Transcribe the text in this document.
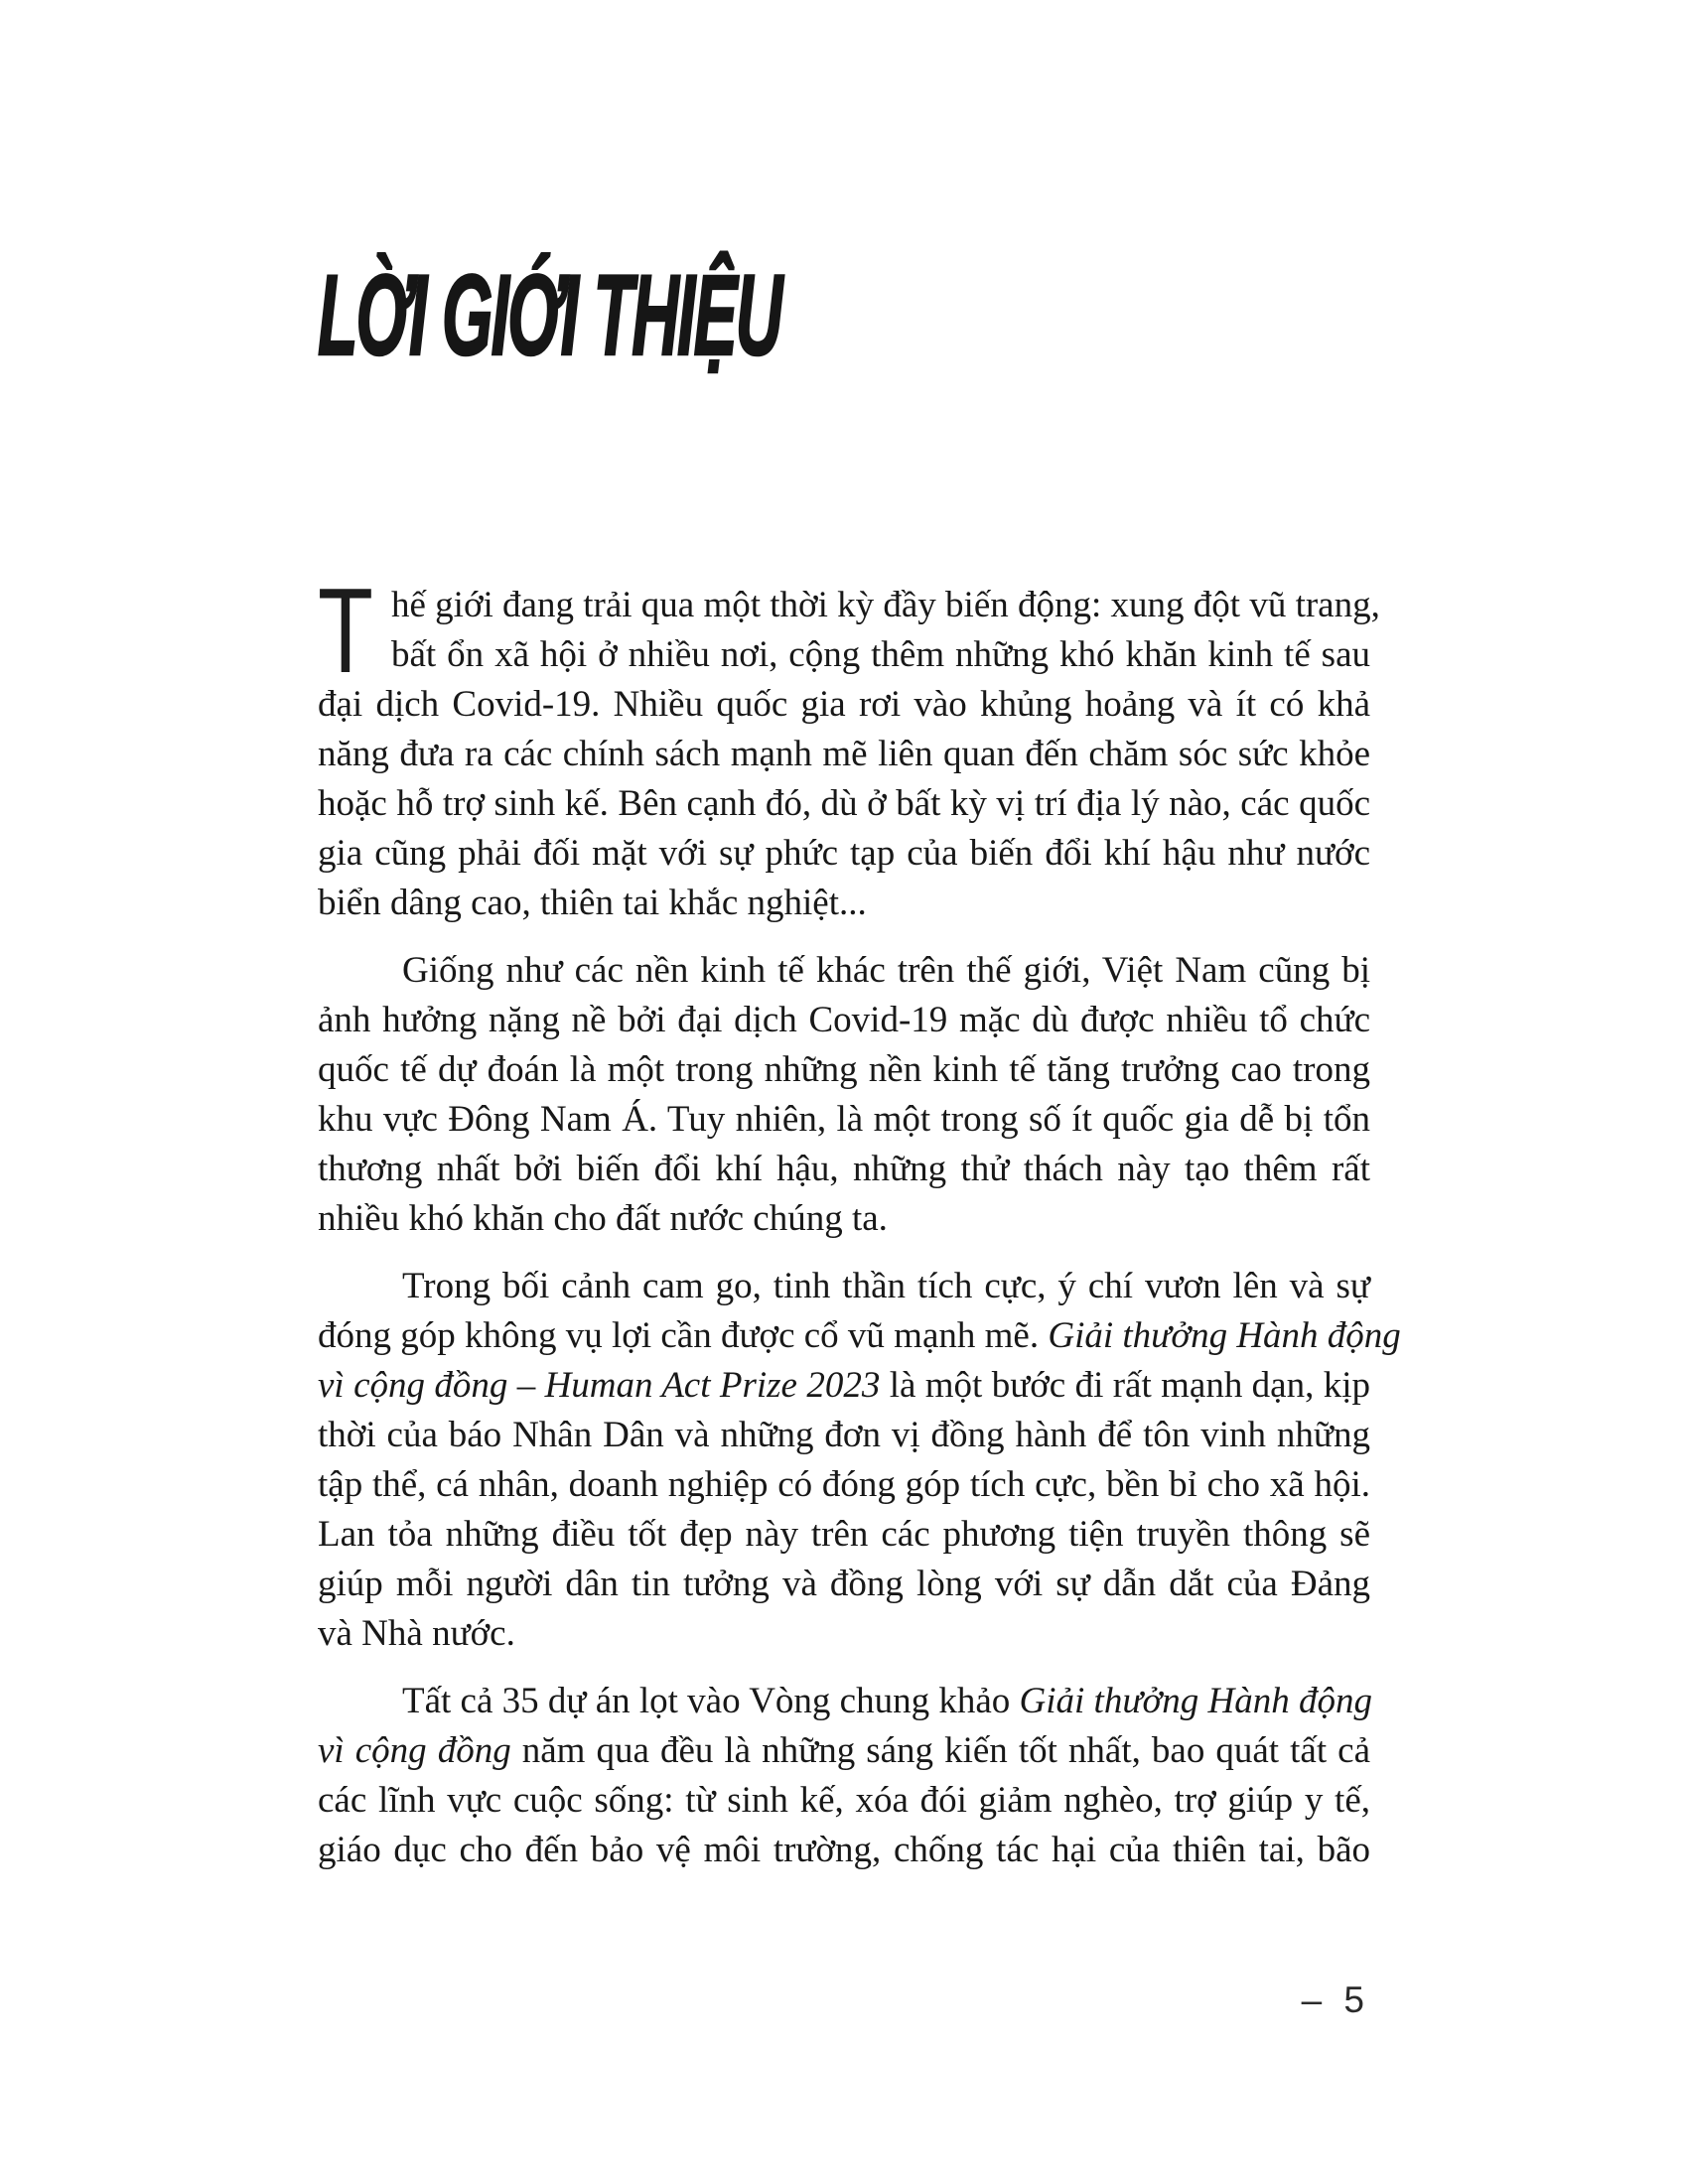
LỜI GIỚI THIỆU

T hế giới đang trải qua một thời kỳ đầy biến động: xung đột vũ trang,
bất ổn xã hội ở nhiều nơi, cộng thêm những khó khăn kinh tế sau
đại dịch Covid-19. Nhiều quốc gia rơi vào khủng hoảng và ít có khả
năng đưa ra các chính sách mạnh mẽ liên quan đến chăm sóc sức khỏe
hoặc hỗ trợ sinh kế. Bên cạnh đó, dù ở bất kỳ vị trí địa lý nào, các quốc
gia cũng phải đối mặt với sự phức tạp của biến đổi khí hậu như nước
biển dâng cao, thiên tai khắc nghiệt...

Giống như các nền kinh tế khác trên thế giới, Việt Nam cũng bị
ảnh hưởng nặng nề bởi đại dịch Covid-19 mặc dù được nhiều tổ chức
quốc tế dự đoán là một trong những nền kinh tế tăng trưởng cao trong
khu vực Đông Nam Á. Tuy nhiên, là một trong số ít quốc gia dễ bị tổn
thương nhất bởi biến đổi khí hậu, những thử thách này tạo thêm rất
nhiều khó khăn cho đất nước chúng ta.

Trong bối cảnh cam go, tinh thần tích cực, ý chí vươn lên và sự
đóng góp không vụ lợi cần được cổ vũ mạnh mẽ. Giải thưởng Hành động
vì cộng đồng – Human Act Prize 2023 là một bước đi rất mạnh dạn, kịp
thời của báo Nhân Dân và những đơn vị đồng hành để tôn vinh những
tập thể, cá nhân, doanh nghiệp có đóng góp tích cực, bền bỉ cho xã hội.
Lan tỏa những điều tốt đẹp này trên các phương tiện truyền thông sẽ
giúp mỗi người dân tin tưởng và đồng lòng với sự dẫn dắt của Đảng
và Nhà nước.

Tất cả 35 dự án lọt vào Vòng chung khảo Giải thưởng Hành động
vì cộng đồng năm qua đều là những sáng kiến tốt nhất, bao quát tất cả
các lĩnh vực cuộc sống: từ sinh kế, xóa đói giảm nghèo, trợ giúp y tế,
giáo dục cho đến bảo vệ môi trường, chống tác hại của thiên tai, bão

– 5
